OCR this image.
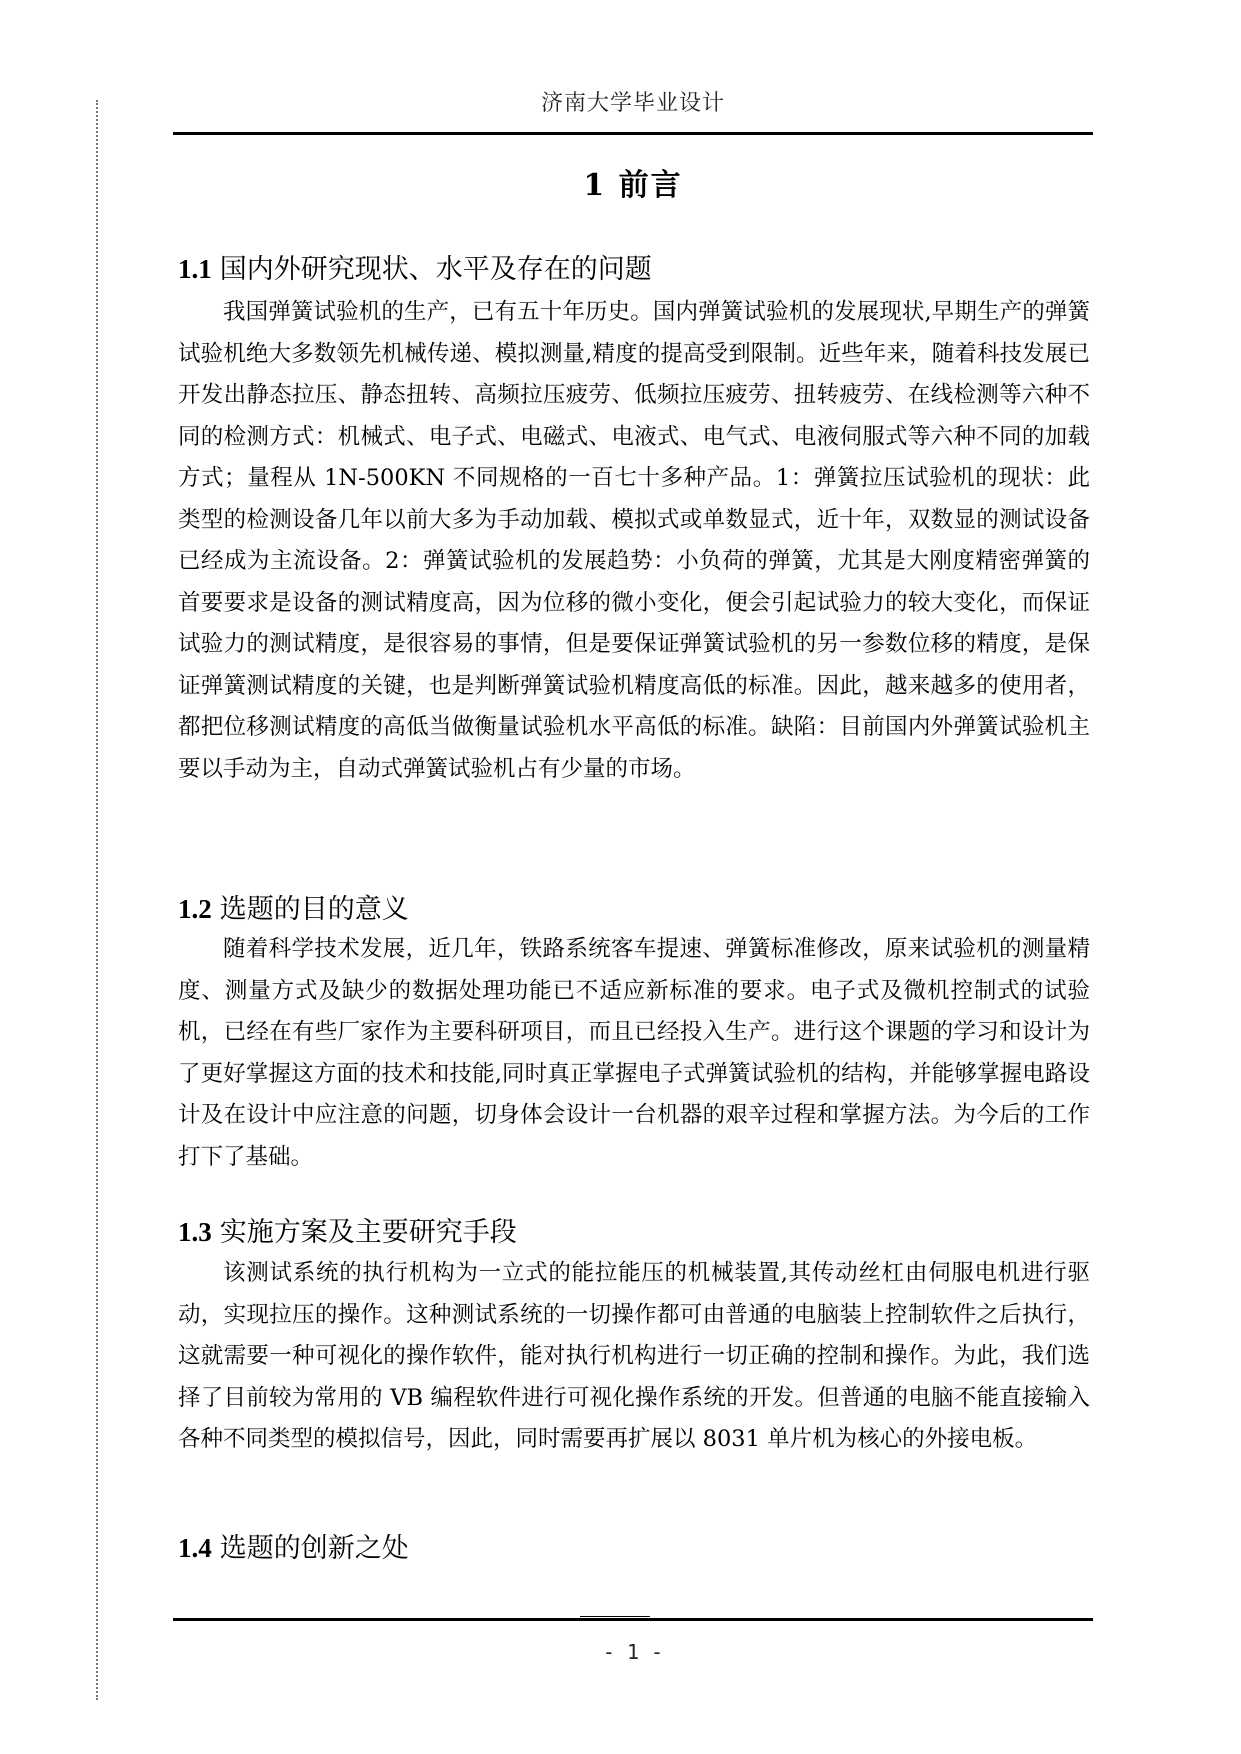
济南大学毕业设计
1 前言
1.1 国内外研究现状、水平及存在的问题

我国弹簧试验机的生产，已有五十年历史。国内弹簧试验机的发展现状,早期生产的弹簧试验机绝大多数领先机械传递、模拟测量,精度的提高受到限制。近些年来，随着科技发展已开发出静态拉压、静态扭转、高频拉压疲劳、低频拉压疲劳、扭转疲劳、在线检测等六种不同的检测方式：机械式、电子式、电磁式、电液式、电气式、电液伺服式等六种不同的加载方式；量程从 1N-500KN 不同规格的一百七十多种产品。1：弹簧拉压试验机的现状：此类型的检测设备几年以前大多为手动加载、模拟式或单数显式，近十年，双数显的测试设备已经成为主流设备。2：弹簧试验机的发展趋势：小负荷的弹簧，尤其是大刚度精密弹簧的首要要求是设备的测试精度高，因为位移的微小变化，便会引起试验力的较大变化，而保证试验力的测试精度，是很容易的事情，但是要保证弹簧试验机的另一参数位移的精度，是保证弹簧测试精度的关键，也是判断弹簧试验机精度高低的标准。因此，越来越多的使用者，都把位移测试精度的高低当做衡量试验机水平高低的标准。缺陷：目前国内外弹簧试验机主要以手动为主，自动式弹簧试验机占有少量的市场。

1.2 选题的目的意义

随着科学技术发展，近几年，铁路系统客车提速、弹簧标准修改，原来试验机的测量精度、测量方式及缺少的数据处理功能已不适应新标准的要求。电子式及微机控制式的试验机，已经在有些厂家作为主要科研项目，而且已经投入生产。进行这个课题的学习和设计为了更好掌握这方面的技术和技能,同时真正掌握电子式弹簧试验机的结构，并能够掌握电路设计及在设计中应注意的问题，切身体会设计一台机器的艰辛过程和掌握方法。为今后的工作打下了基础。

1.3 实施方案及主要研究手段

该测试系统的执行机构为一立式的能拉能压的机械装置,其传动丝杠由伺服电机进行驱动，实现拉压的操作。这种测试系统的一切操作都可由普通的电脑装上控制软件之后执行，这就需要一种可视化的操作软件，能对执行机构进行一切正确的控制和操作。为此，我们选择了目前较为常用的 VB 编程软件进行可视化操作系统的开发。但普通的电脑不能直接输入各种不同类型的模拟信号，因此，同时需要再扩展以 8031 单片机为核心的外接电板。

1.4 选题的创新之处
- 1 -
